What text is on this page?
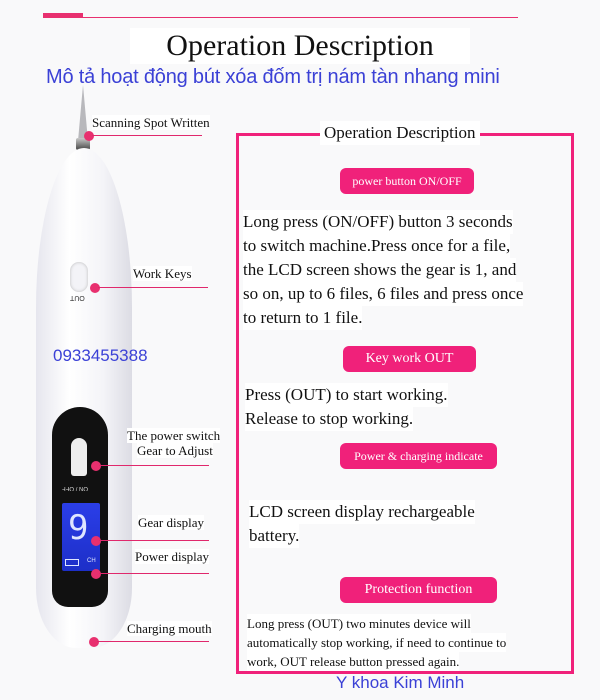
Operation Description
Mô tả hoạt động bút xóa đốm trị nám tàn nhang mini
OUT
ON / OFF
9
CH
0933455388
Scanning Spot Written
Work Keys
The power switch
Gear to Adjust
Gear display
Power display
Charging mouth
Operation Description
power button ON/OFF
Long press (ON/OFF) button 3 seconds
to switch machine.Press once for a file,
the LCD screen shows the gear is 1, and
so on, up to 6 files, 6 files and press once
to return to 1 file.
Key work OUT
Press (OUT) to start working.
Release to stop working.
Power & charging indicate
LCD screen display rechargeable
battery.
Protection function
Long press (OUT) two minutes device will
automatically stop working, if need to continue to
work, OUT release button pressed again.
Y khoa Kim Minh
